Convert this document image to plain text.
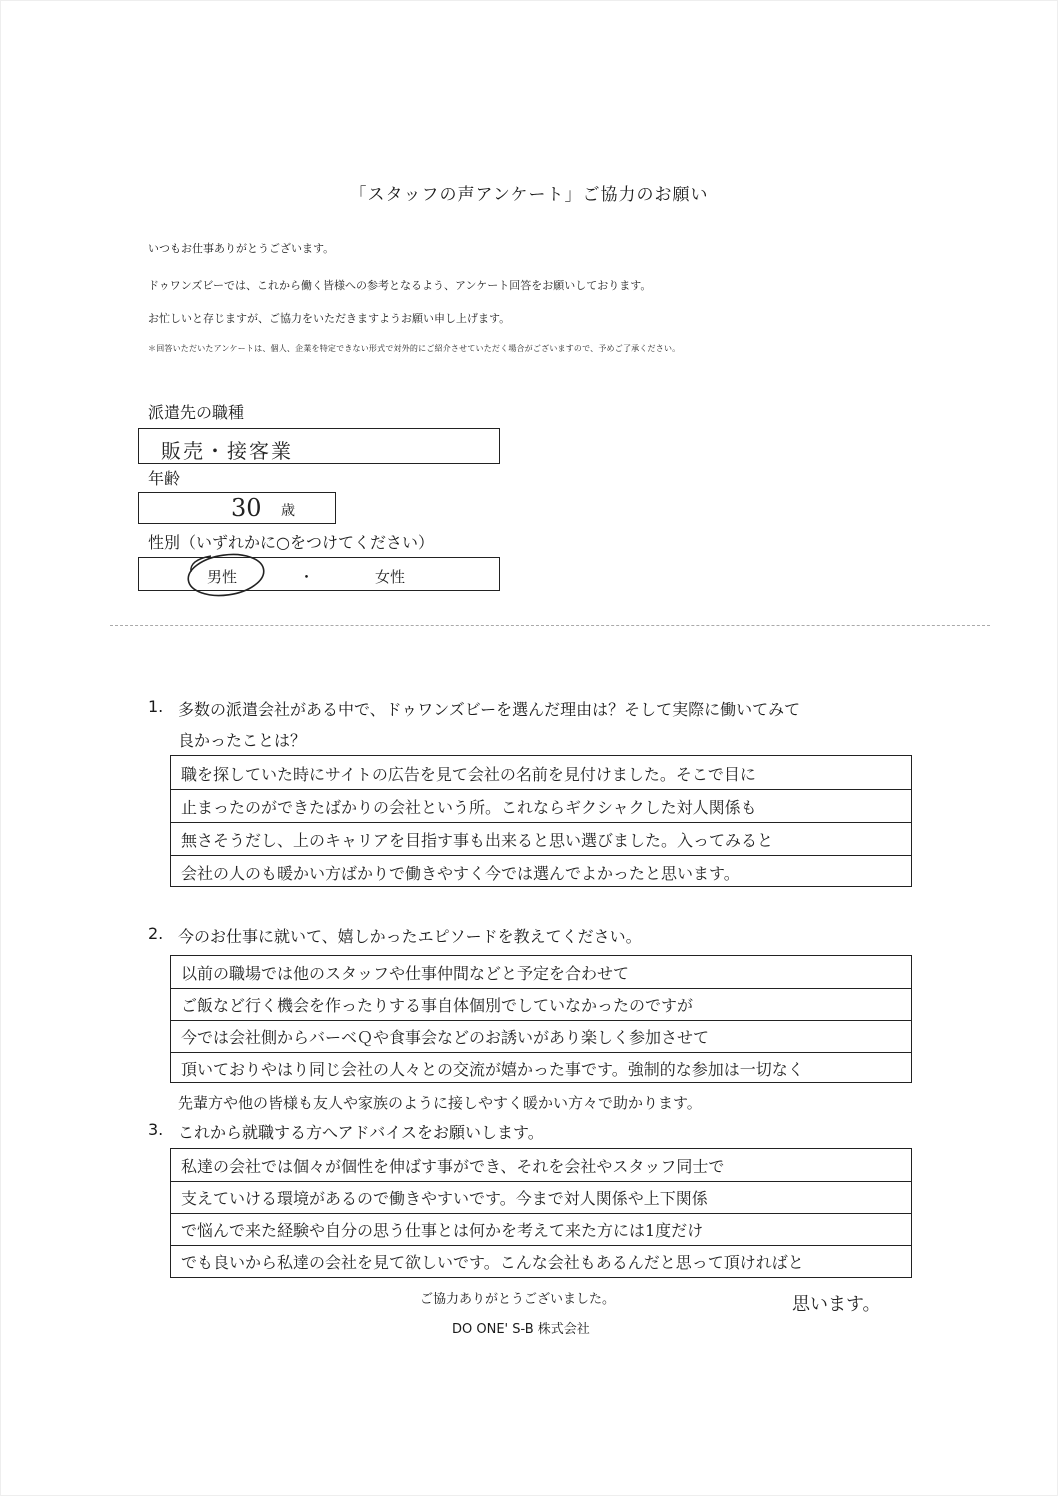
「スタッフの声アンケート」ご協力のお願い
いつもお仕事ありがとうございます。
ドゥワンズビーでは、これから働く皆様への参考となるよう、アンケート回答をお願いしております。
お忙しいと存じますが、ご協力をいただきますようお願い申し上げます。
＊回答いただいたアンケートは、個人、企業を特定できない形式で対外的にご紹介させていただく場合がございますので、予めご了承ください。
派遣先の職種
販売・接客業
年齢
30 歳
性別（いずれかに○をつけてください）
男性	・	女性
1. 多数の派遣会社がある中で、ドゥワンズビーを選んだ理由は？そして実際に働いてみて
良かったことは？
職を探していた時にサイトの広告を見て会社の名前を見付けました。そこで目に
止まったのができたばかりの会社という所。これならギクシャクした対人関係も
無さそうだし、上のキャリアを目指す事も出来ると思い選びました。入ってみると
会社の人のも暖かい方ばかりで働きやすく今では選んでよかったと思います。
2. 今のお仕事に就いて、嬉しかったエピソードを教えてください。
以前の職場では他のスタッフや仕事仲間などと予定を合わせて
ご飯など行く機会を作ったりする事自体個別でしていなかったのですが
今では会社側からバーベＱや食事会などのお誘いがあり楽しく参加させて
頂いておりやはり同じ会社の人々との交流が嬉かった事です。強制的な参加は一切なく
先輩方や他の皆様も友人や家族のように接しやすく暖かい方々で助かります。
3. これから就職する方へアドバイスをお願いします。
私達の会社では個々が個性を伸ばす事ができ、それを会社やスタッフ同士で
支えていける環境があるので働きやすいです。今まで対人関係や上下関係
で悩んで来た経験や自分の思う仕事とは何かを考えて来た方には1度だけ
でも良いから私達の会社を見て欲しいです。こんな会社もあるんだと思って頂ければと
思います。
ご協力ありがとうございました。
DO ONE' S-B 株式会社
